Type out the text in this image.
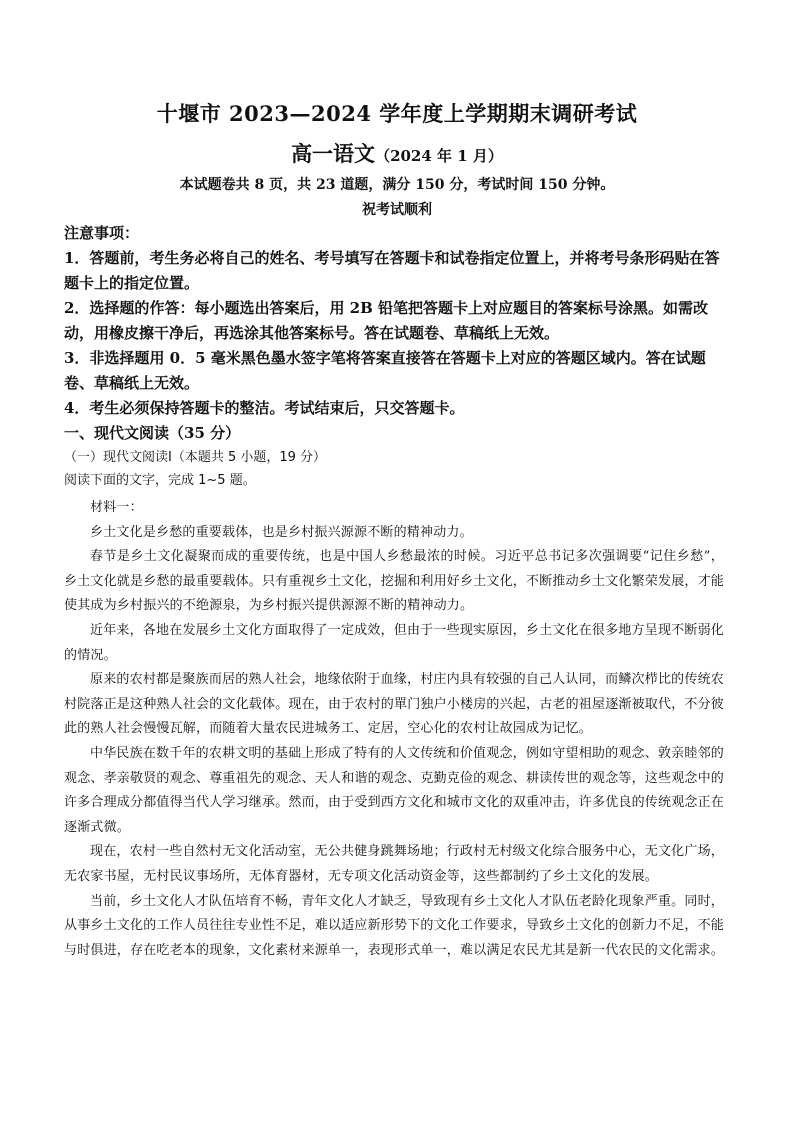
十堰市 2023—2024 学年度上学期期末调研考试
高一语文（2024 年 1 月）
本试题卷共 8 页，共 23 道题，满分 150 分，考试时间 150 分钟。
祝考试顺利

注意事项：

1．答题前，考生务必将自己的姓名、考号填写在答题卡和试卷指定位置上，并将考号条形码贴在答题卡上的指定位置。

2．选择题的作答：每小题选出答案后，用 2B 铅笔把答题卡上对应题目的答案标号涂黑。如需改动，用橡皮擦干净后，再选涂其他答案标号。答在试题卷、草稿纸上无效。

3．非选择题用 0．5 毫米黑色墨水签字笔将答案直接答在答题卡上对应的答题区域内。答在试题卷、草稿纸上无效。

4．考生必须保持答题卡的整洁。考试结束后，只交答题卡。

一、现代文阅读（35 分）
（一）现代文阅读Ⅰ（本题共 5 小题，19 分）
阅读下面的文字，完成 1~5 题。

材料一：

乡土文化是乡愁的重要载体，也是乡村振兴源源不断的精神动力。

春节是乡土文化凝聚而成的重要传统，也是中国人乡愁最浓的时候。习近平总书记多次强调要“记住乡愁”，乡土文化就是乡愁的最重要载体。只有重视乡土文化，挖掘和利用好乡土文化，不断推动乡土文化繁荣发展，才能使其成为乡村振兴的不绝源泉，为乡村振兴提供源源不断的精神动力。

近年来，各地在发展乡土文化方面取得了一定成效，但由于一些现实原因，乡土文化在很多地方呈现不断弱化的情况。

原来的农村都是聚族而居的熟人社会，地缘依附于血缘，村庄内具有较强的自己人认同，而鳞次栉比的传统农村院落正是这种熟人社会的文化载体。现在，由于农村的單门独户小楼房的兴起，古老的祖屋逐渐被取代，不分彼此的熟人社会慢慢瓦解，而随着大量农民进城务工、定居，空心化的农村让故园成为记忆。

中华民族在数千年的农耕文明的基础上形成了特有的人文传统和价值观念，例如守望相助的观念、敦亲睦邻的观念、孝亲敬贤的观念、尊重祖先的观念、天人和谐的观念、克勤克俭的观念、耕读传世的观念等，这些观念中的许多合理成分都值得当代人学习继承。然而，由于受到西方文化和城市文化的双重冲击，许多优良的传统观念正在逐渐式微。

现在，农村一些自然村无文化活动室，无公共健身跳舞场地；行政村无村级文化综合服务中心，无文化广场，无农家书屋，无村民议事场所，无体育器材，无专项文化活动资金等，这些都制约了乡土文化的发展。

当前，乡土文化人才队伍培育不畅，青年文化人才缺乏，导致现有乡土文化人才队伍老龄化现象严重。同时，从事乡土文化的工作人员往往专业性不足，难以适应新形势下的文化工作要求，导致乡土文化的创新力不足，不能与时俱进，存在吃老本的现象，文化素材来源单一，表现形式单一，难以满足农民尤其是新一代农民的文化需求。
